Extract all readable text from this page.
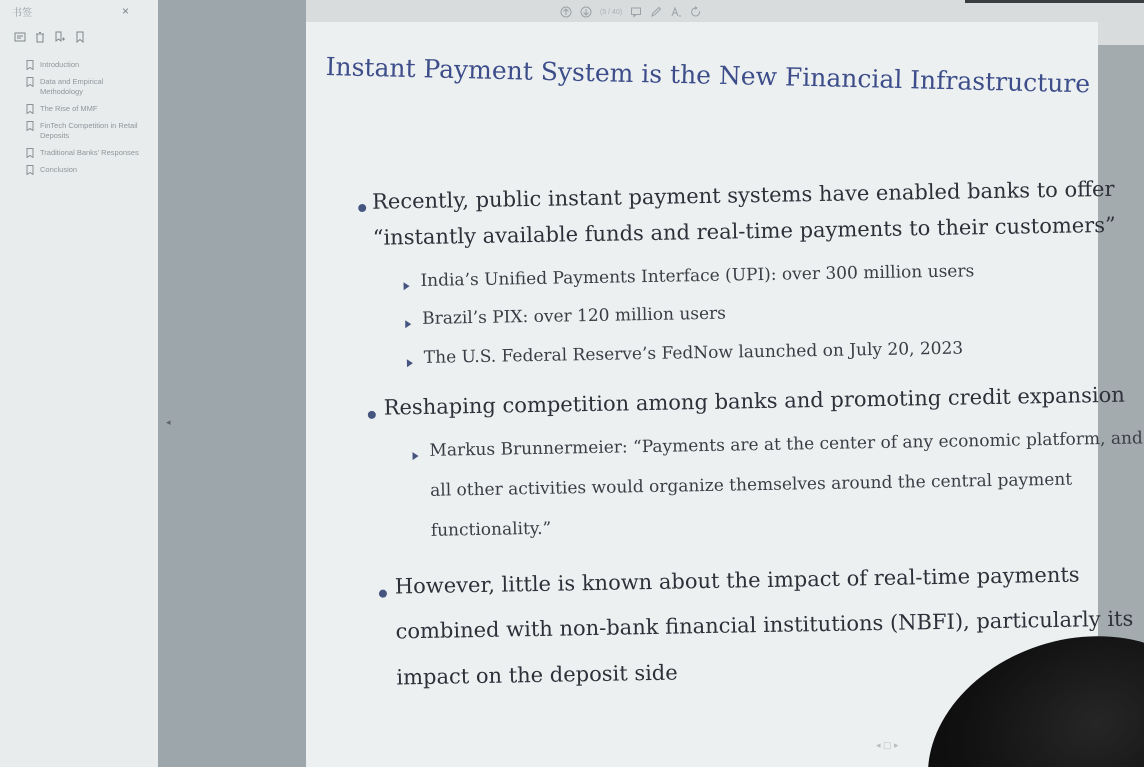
书签	×
Introduction
Data and Empirical Methodology
The Rise of MMF
FinTech Competition in Retail Deposits
Traditional Banks' Responses
Conclusion
◂
(5 / 40)
Instant Payment System is the New Financial Infrastructure
Recently, public instant payment systems have enabled banks to offer
“instantly available funds and real-time payments to their customers”
India’s Unified Payments Interface (UPI): over 300 million users
Brazil’s PIX: over 120 million users
The U.S. Federal Reserve’s FedNow launched on July 20, 2023
Reshaping competition among banks and promoting credit expansion
Markus Brunnermeier: “Payments are at the center of any economic platform, and
all other activities would organize themselves around the central payment
functionality.”
However, little is known about the impact of real-time payments
combined with non-bank financial institutions (NBFI), particularly its
impact on the deposit side
◂ ▢ ▸
